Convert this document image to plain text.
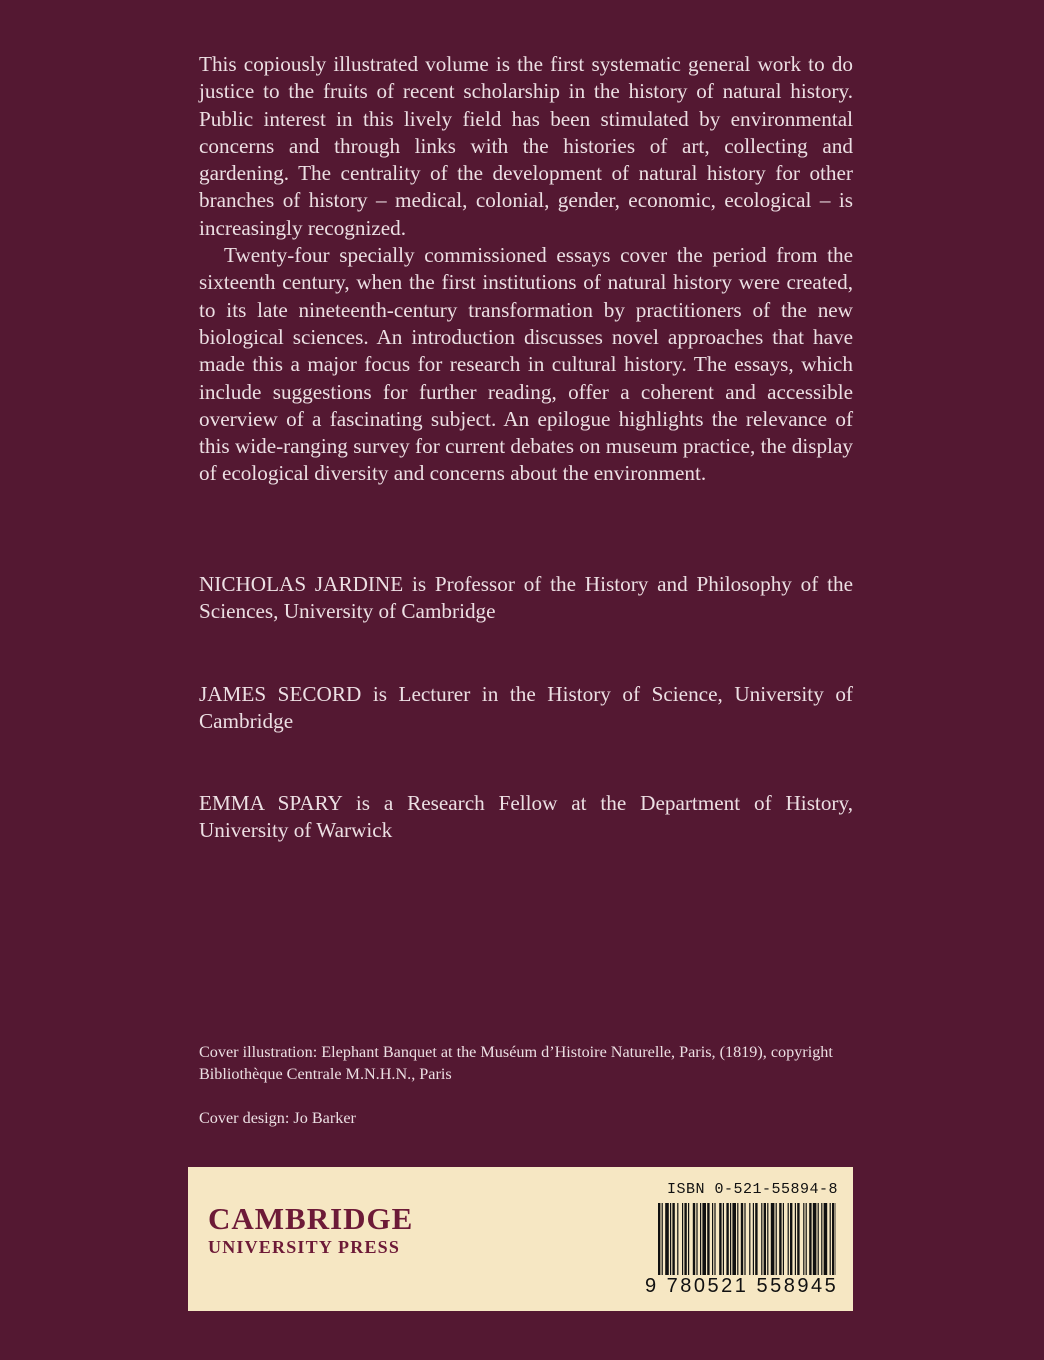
This copiously illustrated volume is the first systematic general work to do justice to the fruits of recent scholarship in the history of natural history. Public interest in this lively field has been stimulated by environmental concerns and through links with the histories of art, collecting and gardening. The centrality of the development of natural history for other branches of history – medical, colonial, gender, economic, ecological – is increasingly recognized.

Twenty-four specially commissioned essays cover the period from the sixteenth century, when the first institutions of natural history were created, to its late nineteenth-century transformation by practitioners of the new biological sciences. An introduction discusses novel approaches that have made this a major focus for research in cultural history. The essays, which include suggestions for further reading, offer a coherent and accessible overview of a fascinating subject. An epilogue highlights the relevance of this wide-ranging survey for current debates on museum practice, the display of ecological diversity and concerns about the environment.

NICHOLAS JARDINE is Professor of the History and Philosophy of the Sciences, University of Cambridge

JAMES SECORD is Lecturer in the History of Science, University of Cambridge

EMMA SPARY is a Research Fellow at the Department of History, University of Warwick

Cover illustration: Elephant Banquet at the Muséum d’Histoire Naturelle, Paris, (1819), copyright Bibliothèque Centrale M.N.H.N., Paris

Cover design: Jo Barker

CAMBRIDGE
UNIVERSITY PRESS
ISBN 0-521-55894-8
9 780521 558945
